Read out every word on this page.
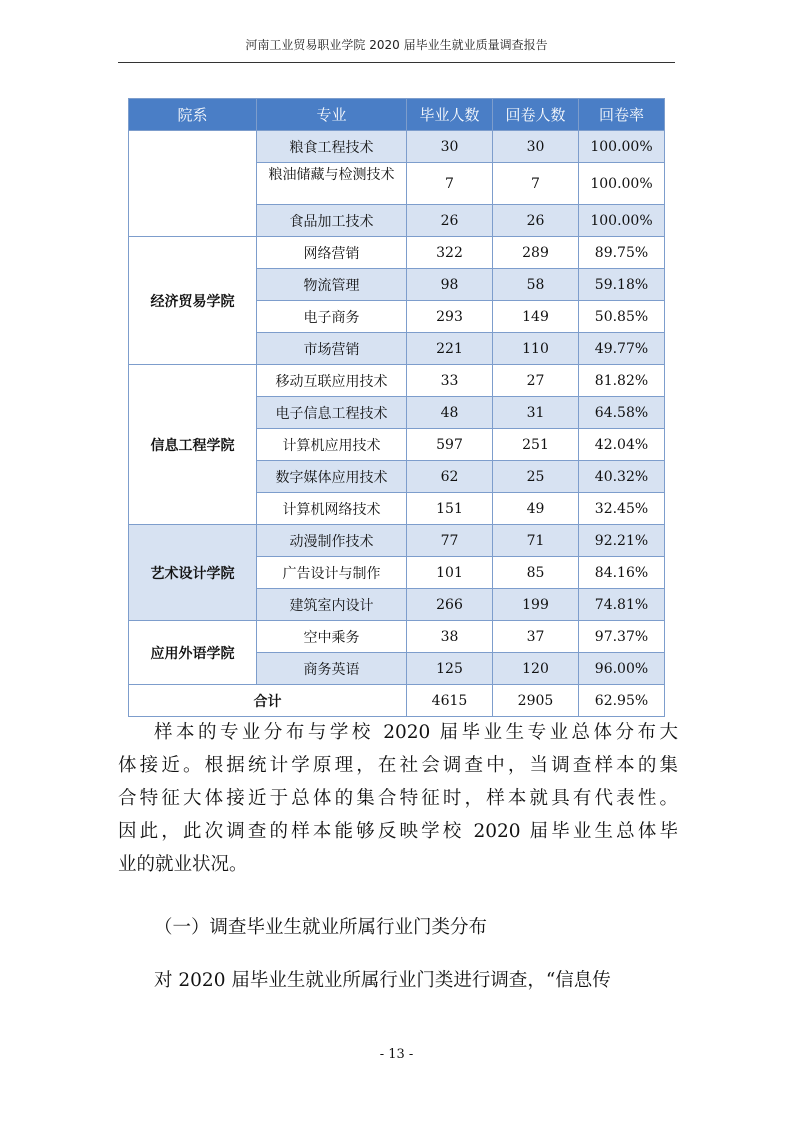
河南工业贸易职业学院 2020 届毕业生就业质量调查报告
院系	专业	毕业人数	回卷人数	回卷率
	粮食工程技术	30	30	100.00%
	粮油储藏与检测技术	7	7	100.00%
	食品加工技术	26	26	100.00%
经济贸易学院	网络营销	322	289	89.75%
	物流管理	98	58	59.18%
	电子商务	293	149	50.85%
	市场营销	221	110	49.77%
信息工程学院	移动互联应用技术	33	27	81.82%
	电子信息工程技术	48	31	64.58%
	计算机应用技术	597	251	42.04%
	数字媒体应用技术	62	25	40.32%
	计算机网络技术	151	49	32.45%
艺术设计学院	动漫制作技术	77	71	92.21%
	广告设计与制作	101	85	84.16%
	建筑室内设计	266	199	74.81%
应用外语学院	空中乘务	38	37	97.37%
	商务英语	125	120	96.00%
合计		4615	2905	62.95%
样本的专业分布与学校 2020 届毕业生专业总体分布大
体接近。根据统计学原理，在社会调查中，当调查样本的集
合特征大体接近于总体的集合特征时，样本就具有代表性。
因此，此次调查的样本能够反映学校 2020 届毕业生总体毕
业的就业状况。
（一）调查毕业生就业所属行业门类分布
对 2020 届毕业生就业所属行业门类进行调查，“信息传
- 13 -
